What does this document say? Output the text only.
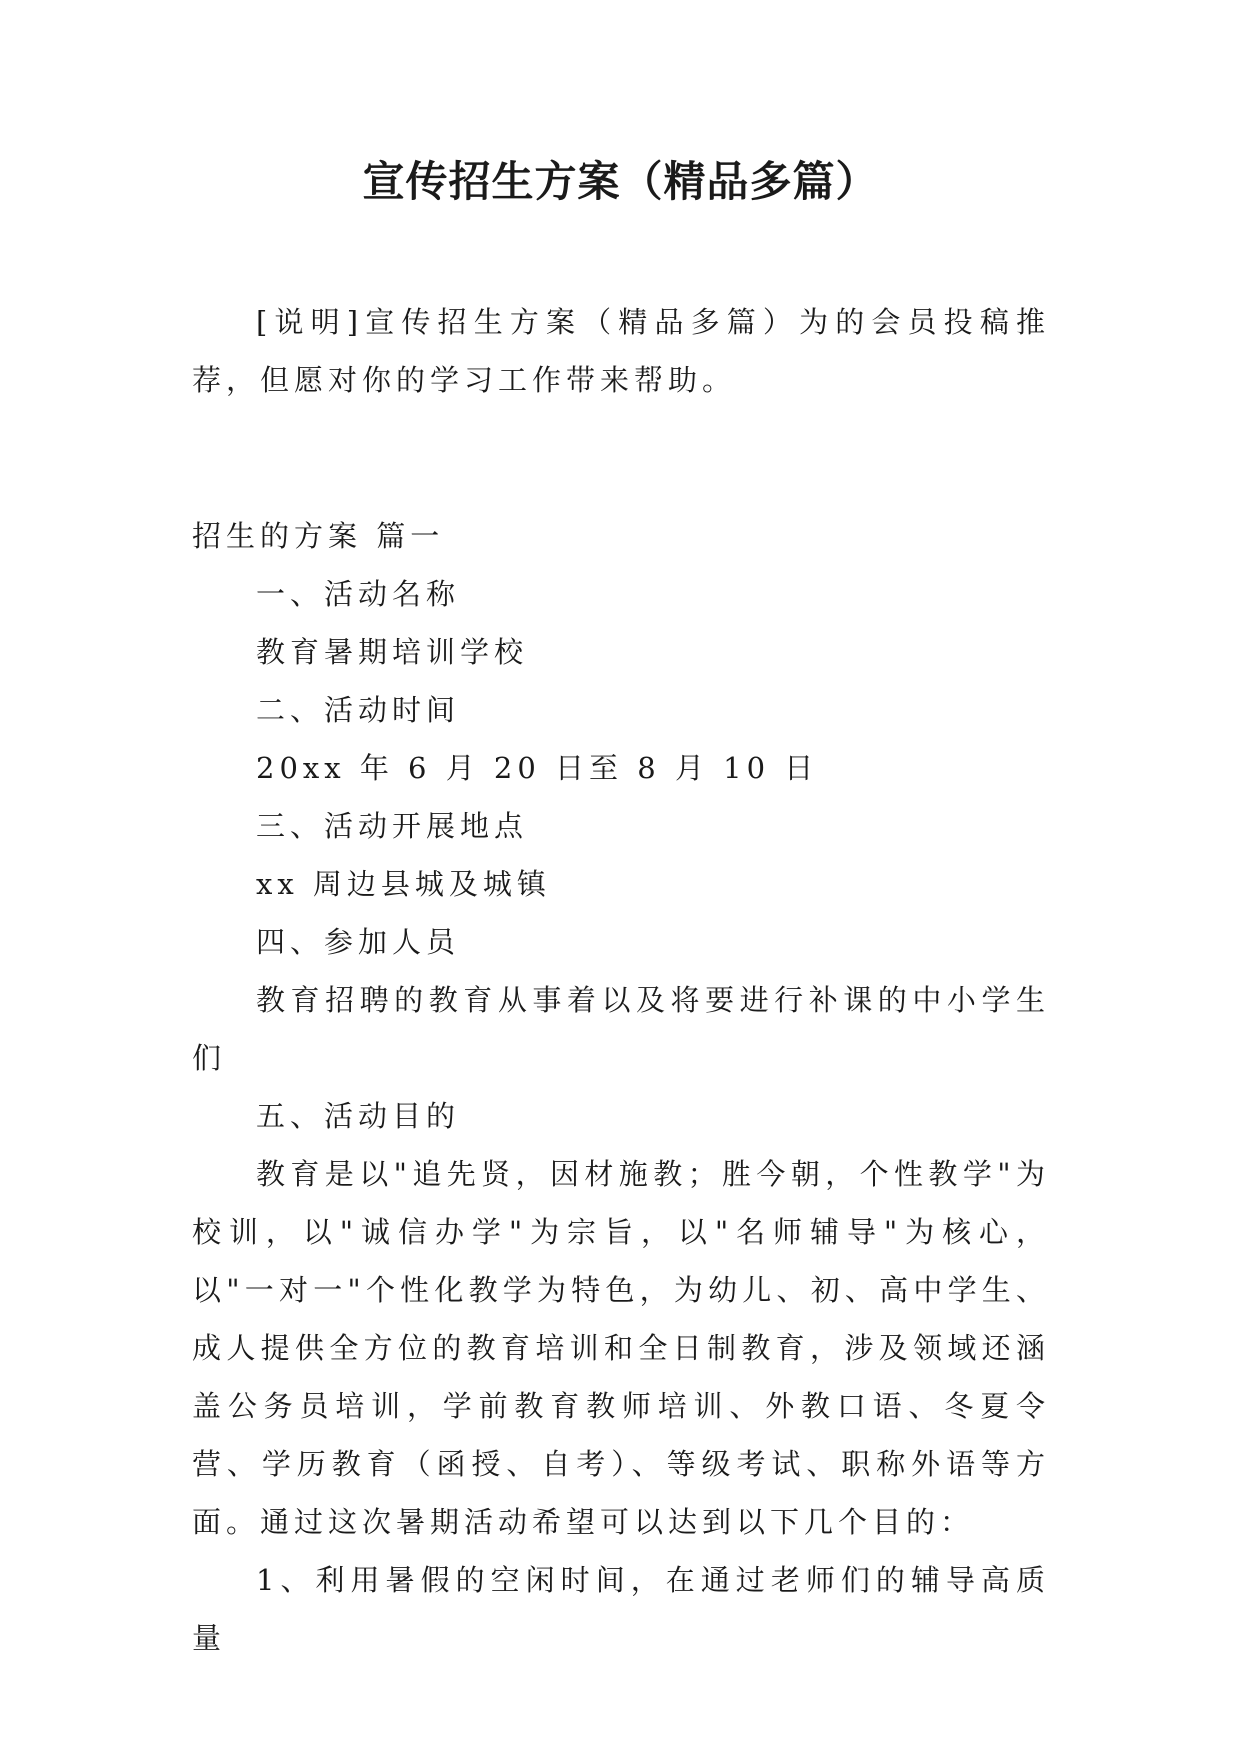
宣传招生方案（精品多篇）

[说明]宣传招生方案（精品多篇）为的会员投稿推荐，但愿对你的学习工作带来帮助。

招生的方案 篇一

一、活动名称

教育暑期培训学校

二、活动时间

20xx 年 6 月 20 日至 8 月 10 日

三、活动开展地点

xx 周边县城及城镇

四、参加人员

教育招聘的教育从事着以及将要进行补课的中小学生们

五、活动目的

教育是以"追先贤，因材施教；胜今朝，个性教学"为校训，以"诚信办学"为宗旨，以"名师辅导"为核心，以"一对一"个性化教学为特色，为幼儿、初、高中学生、成人提供全方位的教育培训和全日制教育，涉及领域还涵盖公务员培训，学前教育教师培训、外教口语、冬夏令营、学历教育（函授、自考）、等级考试、职称外语等方面。通过这次暑期活动希望可以达到以下几个目的：

1、利用暑假的空闲时间，在通过老师们的辅导高质量
